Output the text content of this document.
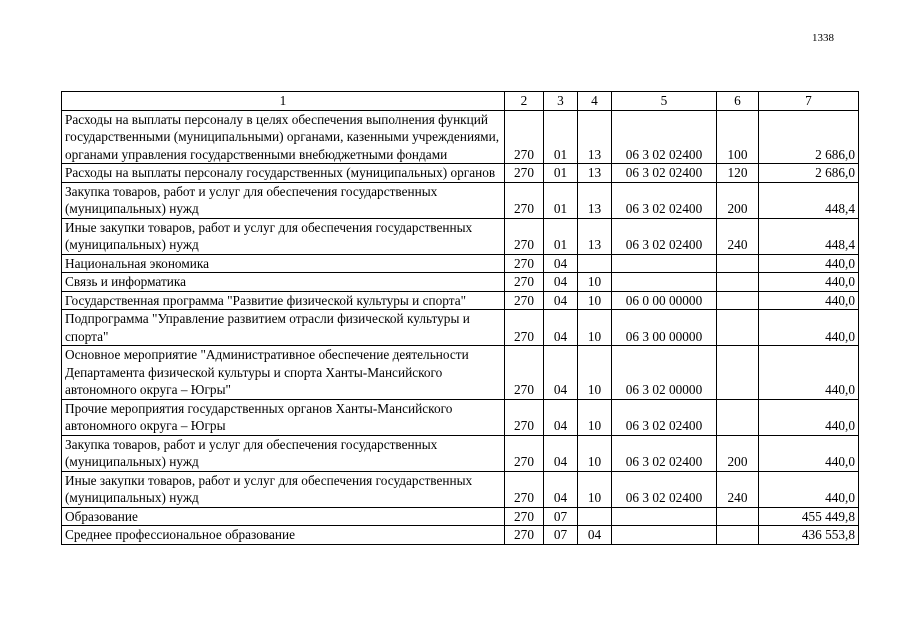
1338
1	2	3	4	5	6	7
Расходы на выплаты персоналу в целях обеспечения выполнения функций государственными (муниципальными) органами, казенными учреждениями, органами управления государственными внебюджетными фондами	270	01	13	06 3 02 02400	100	2 686,0
Расходы на выплаты персоналу государственных (муниципальных) органов	270	01	13	06 3 02 02400	120	2 686,0
Закупка товаров, работ и услуг для обеспечения государственных (муниципальных) нужд	270	01	13	06 3 02 02400	200	448,4
Иные закупки товаров, работ и услуг для обеспечения государственных (муниципальных) нужд	270	01	13	06 3 02 02400	240	448,4
Национальная экономика	270	04				440,0
Связь и информатика	270	04	10			440,0
Государственная программа "Развитие физической культуры и спорта"	270	04	10	06 0 00 00000		440,0
Подпрограмма "Управление развитием отрасли физической культуры и спорта"	270	04	10	06 3 00 00000		440,0
Основное мероприятие "Административное обеспечение деятельности Департамента физической культуры и спорта Ханты-Мансийского автономного округа – Югры"	270	04	10	06 3 02 00000		440,0
Прочие мероприятия государственных органов Ханты-Мансийского автономного округа – Югры	270	04	10	06 3 02 02400		440,0
Закупка товаров, работ и услуг для обеспечения государственных (муниципальных) нужд	270	04	10	06 3 02 02400	200	440,0
Иные закупки товаров, работ и услуг для обеспечения государственных (муниципальных) нужд	270	04	10	06 3 02 02400	240	440,0
Образование	270	07				455 449,8
Среднее профессиональное образование	270	07	04			436 553,8
